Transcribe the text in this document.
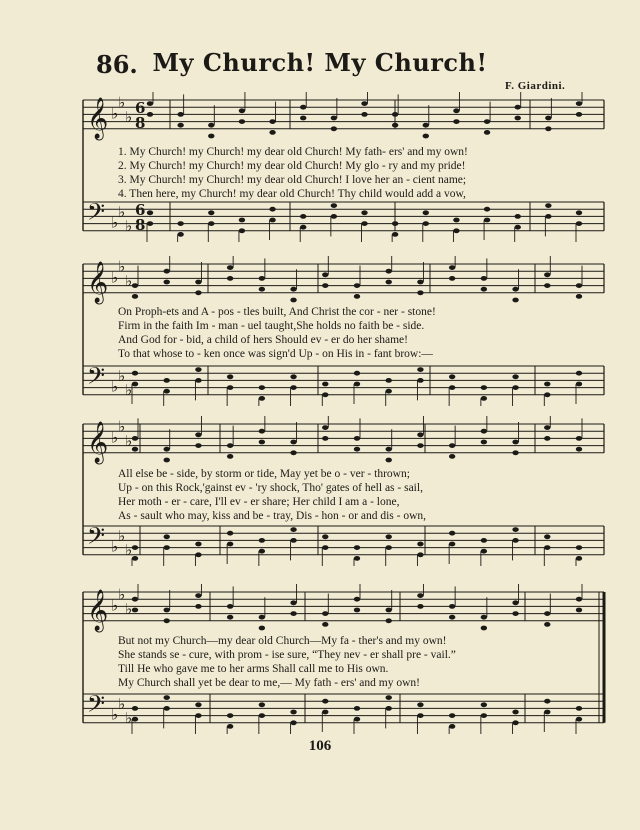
86. My Church! My Church!
F. Giardini.
𝄞
𝄢
♭
♭
♭
♭
♭
♭
6
8
6
8
1. My Church! my Church! my dear old Church! My fath- ers' and my own!
2. My Church! my Church! my dear old Church! My glo - ry and my pride!
3. My Church! my Church! my dear old Church! I love her an - cient name;
4. Then here, my Church! my dear old Church! Thy child would add a vow,
𝄞
𝄢
♭
♭
♭
♭
♭
♭
On Proph-ets and A - pos - tles built, And Christ the cor - ner - stone!
Firm in the faith Im - man - uel taught,She holds no faith be - side.
And God for - bid, a child of hers Should ev - er do her shame!
To that whose to - ken once was sign'd Up - on His in - fant brow:—
𝄞
𝄢
♭
♭
♭
♭
♭
♭
All else be - side, by storm or tide, May yet be o - ver - thrown;
Up - on this Rock,'gainst ev - 'ry shock, Tho' gates of hell as - sail,
Her moth - er - care, I'll ev - er share; Her child I am a - lone,
As - sault who may, kiss and be - tray, Dis - hon - or and dis - own,
𝄞
𝄢
♭
♭
♭
♭
♭
♭
But not my Church—my dear old Church—My fa - ther's and my own!
She stands se - cure, with prom - ise sure, “They nev - er shall pre - vail.”
Till He who gave me to her arms Shall call me to His own.
My Church shall yet be dear to me,— My fath - ers' and my own!
106
